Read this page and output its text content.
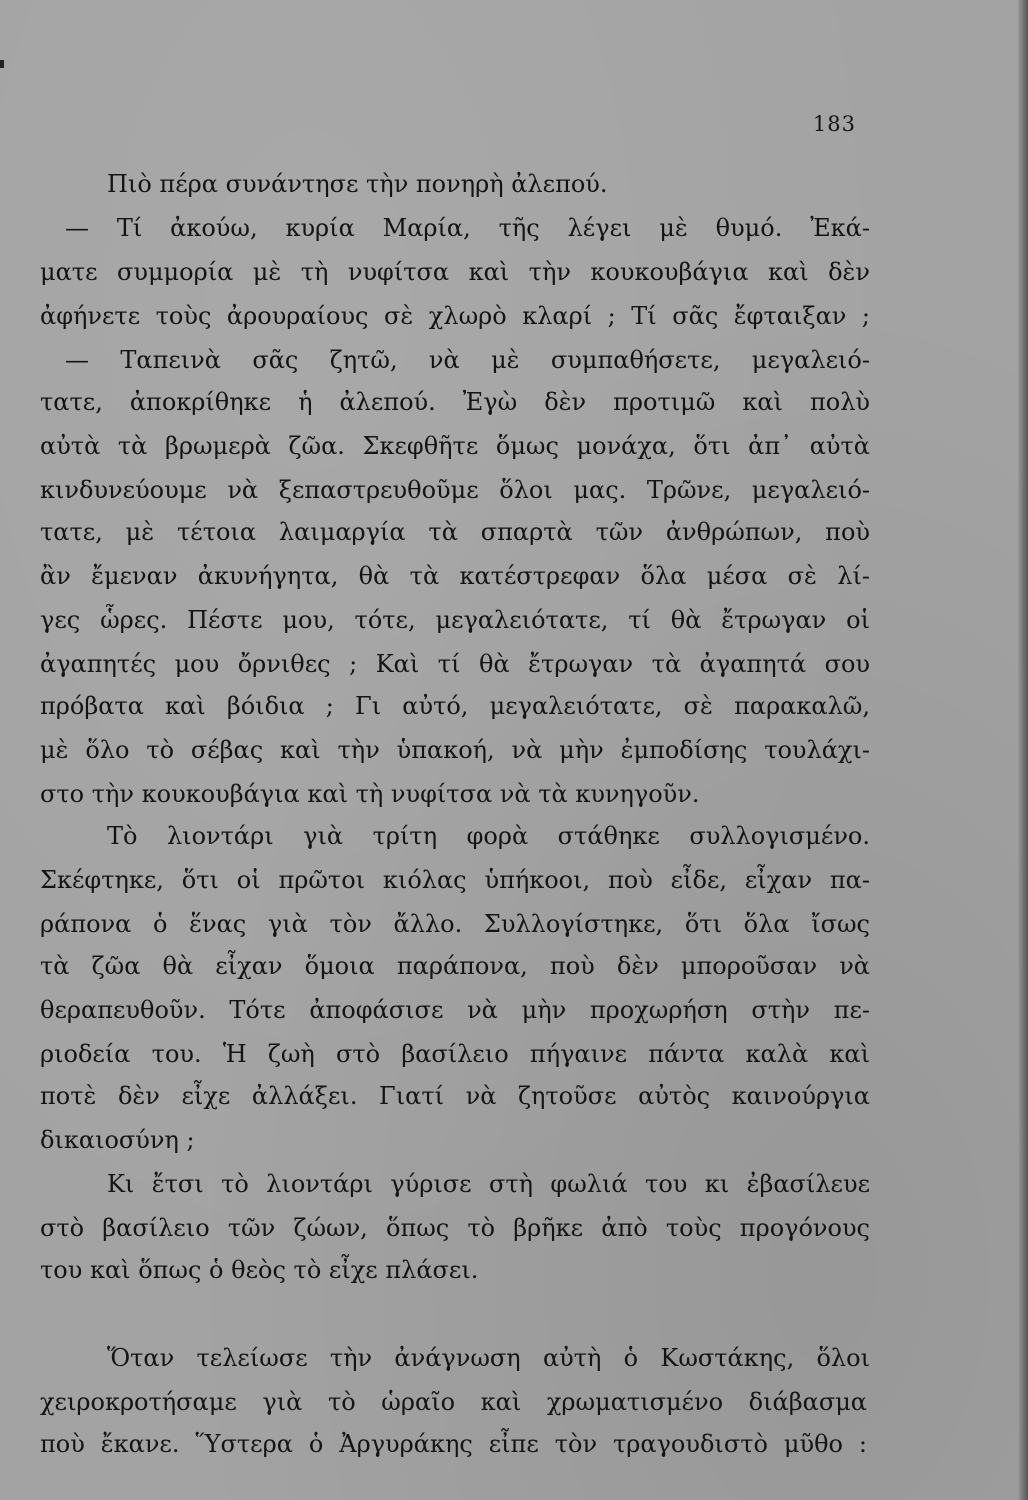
183

Πιὸ πέρα συνάντησε τὴν πονηρὴ ἀλεπού.

— Τί ἀκούω, κυρία Μαρία, τῆς λέγει μὲ θυμό. Ἐκά-

ματε συμμορία μὲ τὴ νυφίτσα καὶ τὴν κουκουβάγια καὶ δὲν

ἀφήνετε τοὺς ἀρουραίους σὲ χλωρὸ κλαρί ; Τί σᾶς ἔφταιξαν ;

— Ταπεινὰ σᾶς ζητῶ, νὰ μὲ συμπαθήσετε, μεγαλειό-

τατε, ἀποκρίθηκε ἡ ἀλεπού. Ἐγὼ δὲν προτιμῶ καὶ πολὺ

αὐτὰ τὰ βρωμερὰ ζῶα. Σκεφθῆτε ὅμως μονάχα, ὅτι ἀπ᾽ αὐτὰ

κινδυνεύουμε νὰ ξεπαστρευθοῦμε ὅλοι μας. Τρῶνε, μεγαλειό-

τατε, μὲ τέτοια λαιμαργία τὰ σπαρτὰ τῶν ἀνθρώπων, ποὺ

ἂν ἔμεναν ἀκυνήγητα, θὰ τὰ κατέστρεφαν ὅλα μέσα σὲ λί-

γες ὧρες. Πέστε μου, τότε, μεγαλειότατε, τί θὰ ἔτρωγαν οἱ

ἀγαπητές μου ὄρνιθες ; Καὶ τί θὰ ἔτρωγαν τὰ ἀγαπητά σου

πρόβατα καὶ βόιδια ; Γι αὐτό, μεγαλειότατε, σὲ παρακαλῶ,

μὲ ὅλο τὸ σέβας καὶ τὴν ὑπακοή, νὰ μὴν ἐμποδίσης τουλάχι-

στο τὴν κουκουβάγια καὶ τὴ νυφίτσα νὰ τὰ κυνηγοῦν.

Τὸ λιοντάρι γιὰ τρίτη φορὰ στάθηκε συλλογισμένο.

Σκέφτηκε, ὅτι οἱ πρῶτοι κιόλας ὑπήκοοι, ποὺ εἶδε, εἶχαν πα-

ράπονα ὁ ἕνας γιὰ τὸν ἄλλο. Συλλογίστηκε, ὅτι ὅλα ἴσως

τὰ ζῶα θὰ εἶχαν ὅμοια παράπονα, ποὺ δὲν μποροῦσαν νὰ

θεραπευθοῦν. Τότε ἀποφάσισε νὰ μὴν προχωρήση στὴν πε-

ριοδεία του. Ἡ ζωὴ στὸ βασίλειο πήγαινε πάντα καλὰ καὶ

ποτὲ δὲν εἶχε ἀλλάξει. Γιατί νὰ ζητοῦσε αὐτὸς καινούργια

δικαιοσύνη ;

Κι ἔτσι τὸ λιοντάρι γύρισε στὴ φωλιά του κι ἐβασίλευε

στὸ βασίλειο τῶν ζώων, ὅπως τὸ βρῆκε ἀπὸ τοὺς προγόνους

του καὶ ὅπως ὁ θεὸς τὸ εἶχε πλάσει.

Ὅταν τελείωσε τὴν ἀνάγνωση αὐτὴ ὁ Κωστάκης, ὅλοι

χειροκροτήσαμε γιὰ τὸ ὡραῖο καὶ χρωματισμένο διάβασμα

ποὺ ἔκανε. Ὕστερα ὁ Ἀργυράκης εἶπε τὸν τραγουδιστὸ μῦθο :
